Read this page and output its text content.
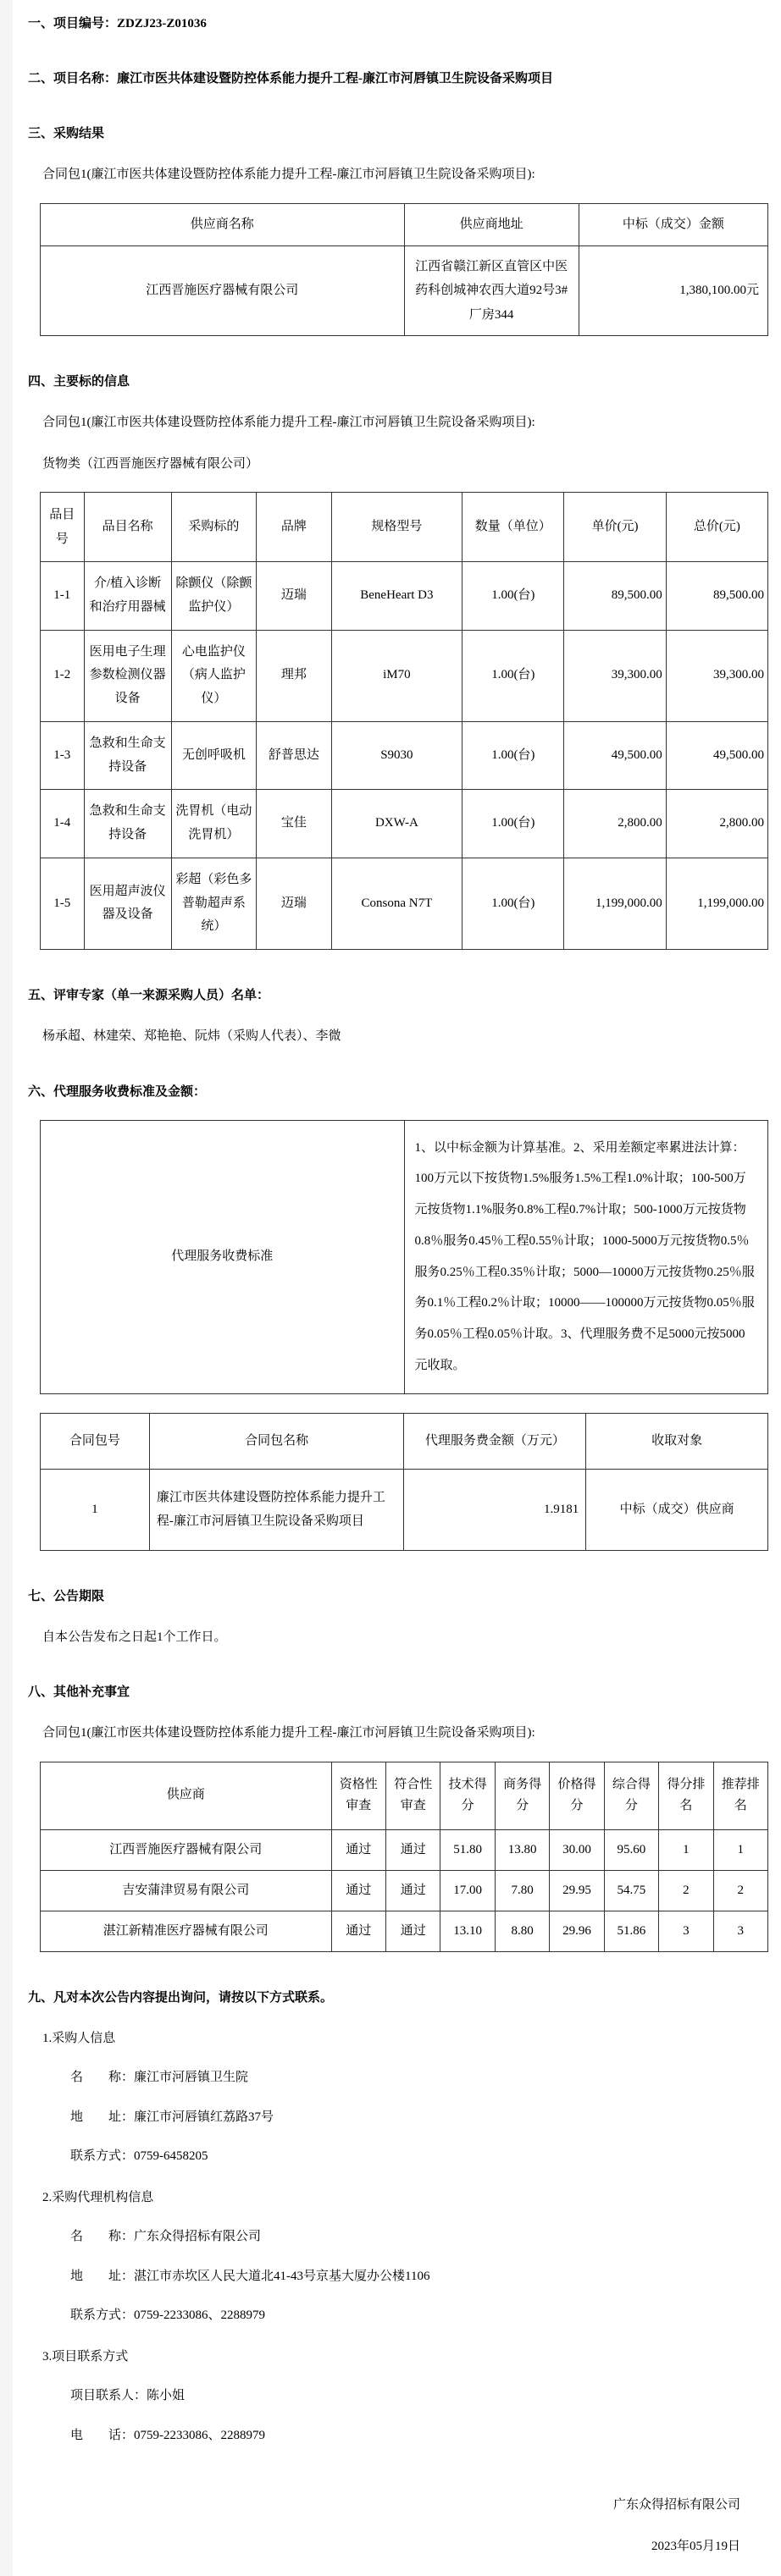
一、项目编号：ZDZJ23-Z01036
二、项目名称：廉江市医共体建设暨防控体系能力提升工程-廉江市河唇镇卫生院设备采购项目
三、采购结果
合同包1(廉江市医共体建设暨防控体系能力提升工程-廉江市河唇镇卫生院设备采购项目):
供应商名称	供应商地址	中标（成交）金额
江西晋施医疗器械有限公司	江西省赣江新区直管区中医药科创城神农西大道92号3#厂房344	1,380,100.00元
四、主要标的信息
合同包1(廉江市医共体建设暨防控体系能力提升工程-廉江市河唇镇卫生院设备采购项目):
货物类（江西晋施医疗器械有限公司）
品目号	品目名称	采购标的	品牌	规格型号	数量（单位）	单价(元)	总价(元)
1-1	介/植入诊断和治疗用器械	除颤仪（除颤监护仪）	迈瑞	BeneHeart D3	1.00(台)	89,500.00	89,500.00
1-2	医用电子生理参数检测仪器设备	心电监护仪（病人监护仪）	理邦	iM70	1.00(台)	39,300.00	39,300.00
1-3	急救和生命支持设备	无创呼吸机	舒普思达	S9030	1.00(台)	49,500.00	49,500.00
1-4	急救和生命支持设备	洗胃机（电动洗胃机）	宝佳	DXW-A	1.00(台)	2,800.00	2,800.00
1-5	医用超声波仪器及设备	彩超（彩色多普勒超声系统）	迈瑞	Consona N7T	1.00(台)	1,199,000.00	1,199,000.00
五、评审专家（单一来源采购人员）名单：
杨承超、林建荣、郑艳艳、阮炜（采购人代表）、李微
六、代理服务收费标准及金额：
代理服务收费标准	1、以中标金额为计算基准。2、采用差额定率累进法计算：100万元以下按货物1.5%服务1.5%工程1.0%计取；100-500万元按货物1.1%服务0.8%工程0.7%计取；500-1000万元按货物0.8％服务0.45％工程0.55％计取；1000-5000万元按货物0.5％服务0.25％工程0.35％计取；5000—10000万元按货物0.25％服务0.1％工程0.2％计取；10000——100000万元按货物0.05％服务0.05％工程0.05％计取。3、代理服务费不足5000元按5000元收取。
合同包号	合同包名称	代理服务费金额（万元）	收取对象
1	廉江市医共体建设暨防控体系能力提升工程-廉江市河唇镇卫生院设备采购项目	1.9181	中标（成交）供应商
七、公告期限
自本公告发布之日起1个工作日。
八、其他补充事宜
合同包1(廉江市医共体建设暨防控体系能力提升工程-廉江市河唇镇卫生院设备采购项目):
供应商	资格性审查	符合性审查	技术得分	商务得分	价格得分	综合得分	得分排名	推荐排名
江西晋施医疗器械有限公司	通过	通过	51.80	13.80	30.00	95.60	1	1
吉安蒲津贸易有限公司	通过	通过	17.00	7.80	29.95	54.75	2	2
湛江新精准医疗器械有限公司	通过	通过	13.10	8.80	29.96	51.86	3	3
九、凡对本次公告内容提出询问，请按以下方式联系。
1.采购人信息
名　　称：廉江市河唇镇卫生院
地　　址：廉江市河唇镇红荔路37号
联系方式：0759-6458205
2.采购代理机构信息
名　　称：广东众得招标有限公司
地　　址：湛江市赤坎区人民大道北41-43号京基大厦办公楼1106
联系方式：0759-2233086、2288979
3.项目联系方式
项目联系人：陈小姐
电　　话：0759-2233086、2288979
广东众得招标有限公司
2023年05月19日
